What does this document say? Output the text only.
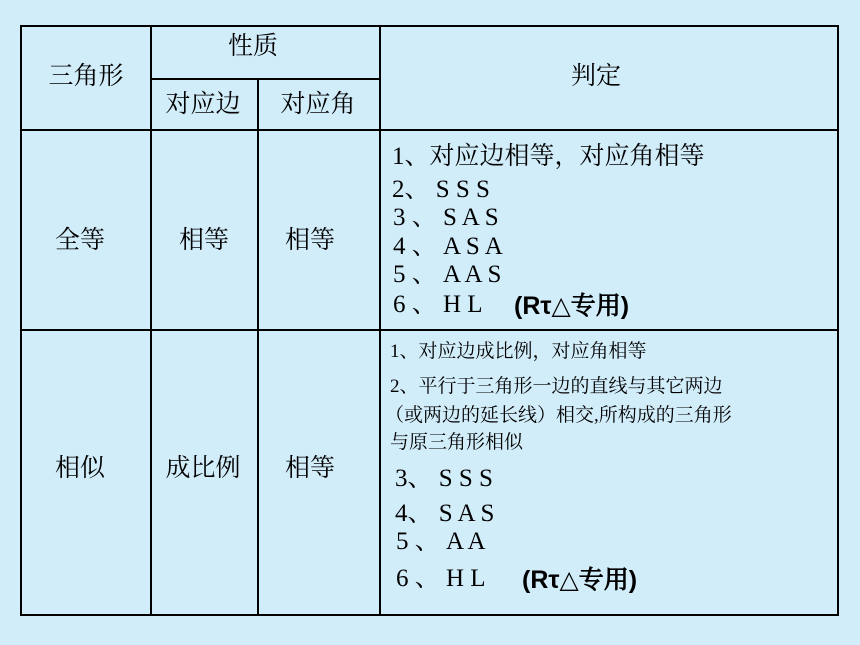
三角形
性质
对应边 对应角
判定
全等	相等 相等
1、对应边相等，对应角相等
2、 S S S
3 、 S A S
4 、 A S A
5 、 A A S
6 、 H L (Rτ△专用)
相似 成比例 相等
1、对应边成比例，对应角相等
2、平行于三角形一边的直线与其它两边
（或两边的延长线）相交,所构成的三角形
与原三角形相似
3、 S S S
4、 S A S
5 、 A A
6 、 H L (Rτ△专用)
